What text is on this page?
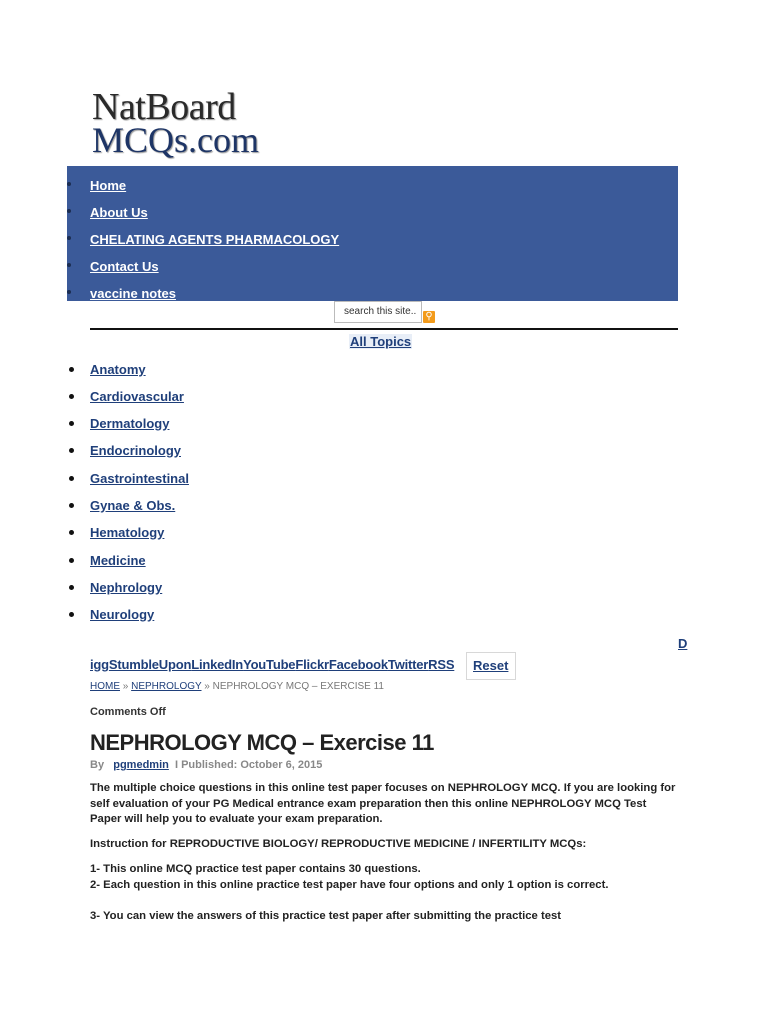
NatBoard
MCQs.com
Home
About Us
CHELATING AGENTS PHARMACOLOGY
Contact Us
vaccine notes
search this site.. ⚲
All Topics
Anatomy
Cardiovascular
Dermatology
Endocrinology
Gastrointestinal
Gynae & Obs.
Hematology
Medicine
Nephrology
Neurology
D
iggStumbleUponLinkedInYouTubeFlickrFacebookTwitterRSS	Reset
HOME » NEPHROLOGY » NEPHROLOGY MCQ – EXERCISE 11
Comments Off
NEPHROLOGY MCQ – Exercise 11
By pgmedmin I Published: October 6, 2015
The multiple choice questions in this online test paper focuses on NEPHROLOGY MCQ. If you are looking for self evaluation of your PG Medical entrance exam preparation then this online NEPHROLOGY MCQ Test Paper will help you to evaluate your exam preparation.
Instruction for REPRODUCTIVE BIOLOGY/ REPRODUCTIVE MEDICINE / INFERTILITY MCQs:
1- This online MCQ practice test paper contains 30 questions.
2- Each question in this online practice test paper have four options and only 1 option is correct.
3- You can view the answers of this practice test paper after submitting the practice test
